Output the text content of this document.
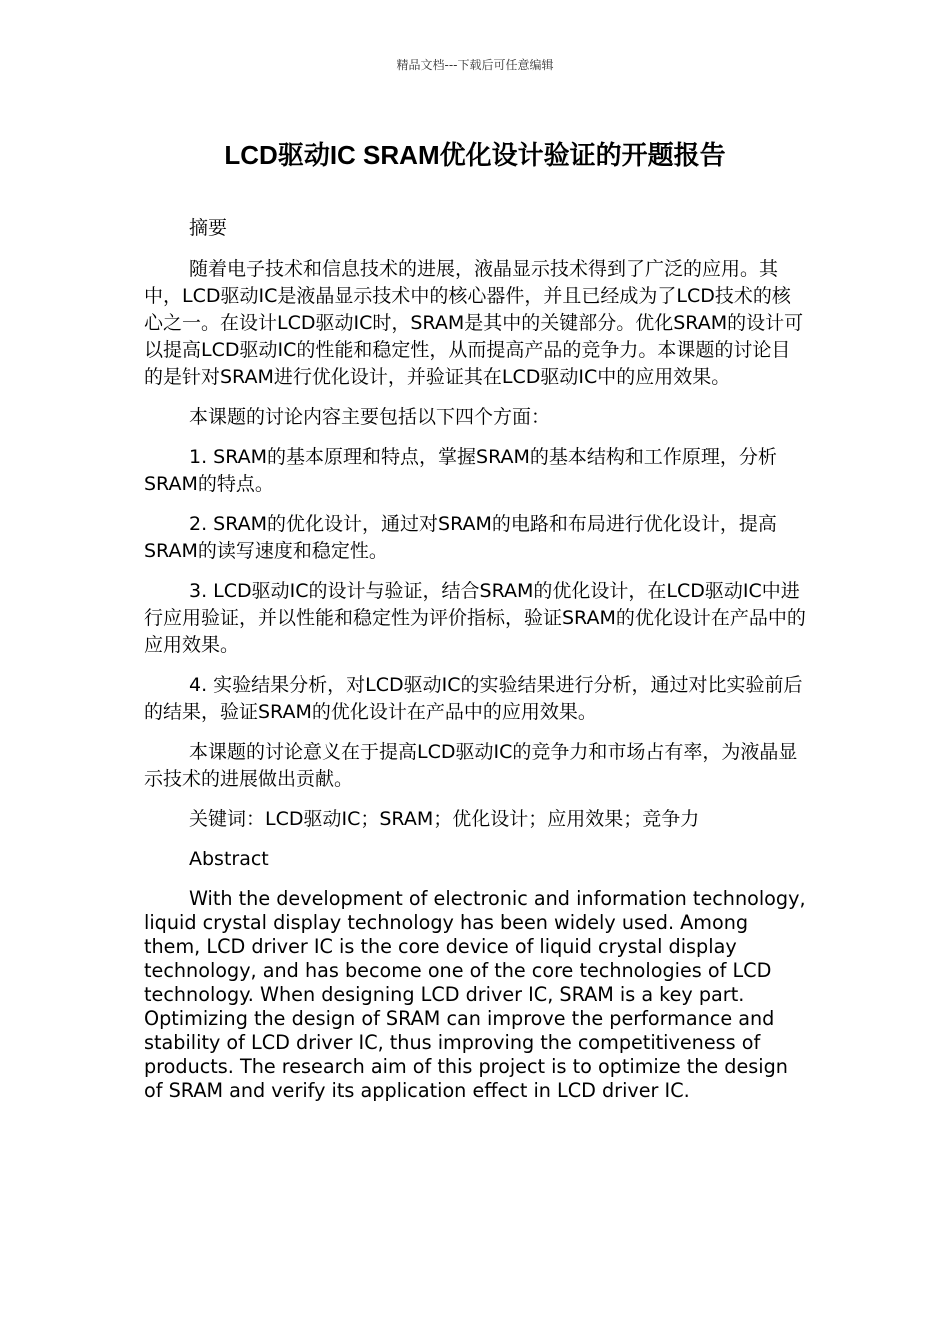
精品文档---下载后可任意编辑
LCD驱动IC SRAM优化设计验证的开题报告

摘要

随着电子技术和信息技术的进展，液晶显示技术得到了广泛的应用。其中，LCD驱动IC是液晶显示技术中的核心器件，并且已经成为了LCD技术的核心之一。在设计LCD驱动IC时，SRAM是其中的关键部分。优化SRAM的设计可以提高LCD驱动IC的性能和稳定性，从而提高产品的竞争力。本课题的讨论目的是针对SRAM进行优化设计，并验证其在LCD驱动IC中的应用效果。

本课题的讨论内容主要包括以下四个方面：

1. SRAM的基本原理和特点，掌握SRAM的基本结构和工作原理，分析SRAM的特点。

2. SRAM的优化设计，通过对SRAM的电路和布局进行优化设计，提高SRAM的读写速度和稳定性。

3. LCD驱动IC的设计与验证，结合SRAM的优化设计，在LCD驱动IC中进行应用验证，并以性能和稳定性为评价指标，验证SRAM的优化设计在产品中的应用效果。

4. 实验结果分析，对LCD驱动IC的实验结果进行分析，通过对比实验前后的结果，验证SRAM的优化设计在产品中的应用效果。

本课题的讨论意义在于提高LCD驱动IC的竞争力和市场占有率，为液晶显示技术的进展做出贡献。

关键词：LCD驱动IC；SRAM；优化设计；应用效果；竞争力

Abstract

With the development of electronic and information technology, liquid crystal display technology has been widely used. Among them, LCD driver IC is the core device of liquid crystal display technology, and has become one of the core technologies of LCD technology. When designing LCD driver IC, SRAM is a key part. Optimizing the design of SRAM can improve the performance and stability of LCD driver IC, thus improving the competitiveness of products. The research aim of this project is to optimize the design of SRAM and verify its application effect in LCD driver IC.
